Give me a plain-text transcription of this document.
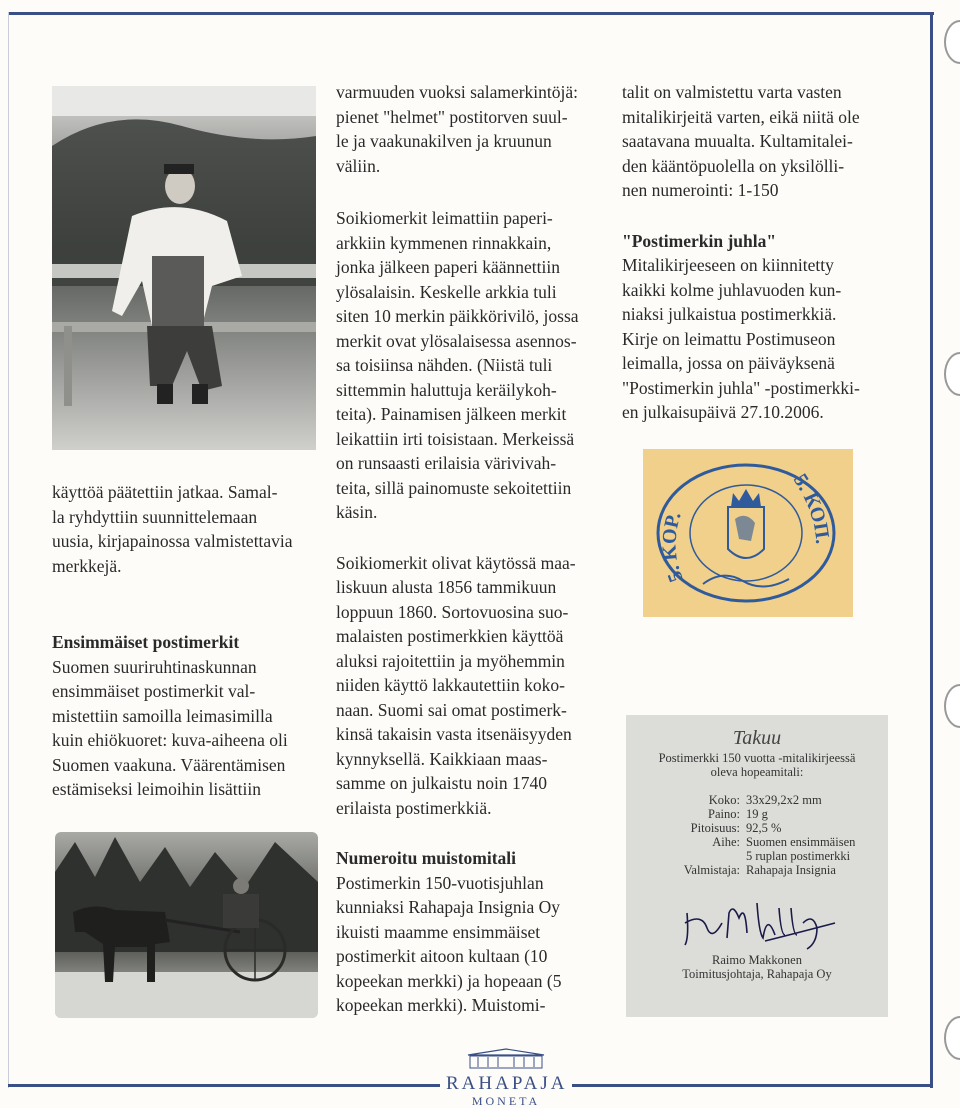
käyttöä päätettiin jatkaa. Samal-
la ryhdyttiin suunnittelemaan
uusia, kirjapainossa valmistettavia
merkkejä.

Ensimmäiset postimerkit

Suomen suuriruhtinaskunnan
ensimmäiset postimerkit val-
mistettiin samoilla leimasimilla
kuin ehiökuoret: kuva-aiheena oli
Suomen vaakuna. Väärentämisen
estämiseksi leimoihin lisättiin

varmuuden vuoksi salamerkintöjä:
pienet "helmet" postitorven suul-
le ja vaakunakilven ja kruunun
väliin.

Soikiomerkit leimattiin paperi-
arkkiin kymmenen rinnakkain,
jonka jälkeen paperi käännettiin
ylösalaisin. Keskelle arkkia tuli
siten 10 merkin päikkörivilö, jossa
merkit ovat ylösalaisessa asennos-
sa toisiinsa nähden. (Niistä tuli
sittemmin haluttuja keräilykoh-
teita). Painamisen jälkeen merkit
leikattiin irti toisistaan. Merkeissä
on runsaasti erilaisia värivivah-
teita, sillä painomuste sekoitettiin
käsin.

Soikiomerkit olivat käytössä maa-
liskuun alusta 1856 tammikuun
loppuun 1860. Sortovuosina suo-
malaisten postimerkkien käyttöä
aluksi rajoitettiin ja myöhemmin
niiden käyttö lakkautettiin koko-
naan. Suomi sai omat postimerk-
kinsä takaisin vasta itsenäisyyden
kynnyksellä. Kaikkiaan maas-
samme on julkaistu noin 1740
erilaista postimerkkiä.

Numeroitu muistomitali

Postimerkin 150-vuotisjuhlan
kunniaksi Rahapaja Insignia Oy
ikuisti maamme ensimmäiset
postimerkit aitoon kultaan (10
kopeekan merkki) ja hopeaan (5
kopeekan merkki). Muistomi-

talit on valmistettu varta vasten
mitalikirjeitä varten, eikä niitä ole
saatavana muualta. Kultamitalei-
den kääntöpuolella on yksilölli-
nen numerointi: 1-150

"Postimerkin juhla"

Mitalikirjeeseen on kiinnitetty
kaikki kolme juhlavuoden kun-
niaksi julkaistua postimerkkiä.
Kirje on leimattu Postimuseon
leimalla, jossa on päiväyksenä
"Postimerkin juhla" -postimerkki-
en julkaisupäivä 27.10.2006.

5. KOP.
5. КОП.
Takuu
Postimerkki 150 vuotta -mitalikirjeessä
oleva hopeamitali:
Koko: 33x29,2x2 mm
Paino: 19 g
Pitoisuus: 92,5 %
Aihe: Suomen ensimmäisen
5 ruplan postimerkki
Valmistaja: Rahapaja Insignia
Raimo Makkonen
Toimitusjohtaja, Rahapaja Oy
RAHAPAJA
MONETA
